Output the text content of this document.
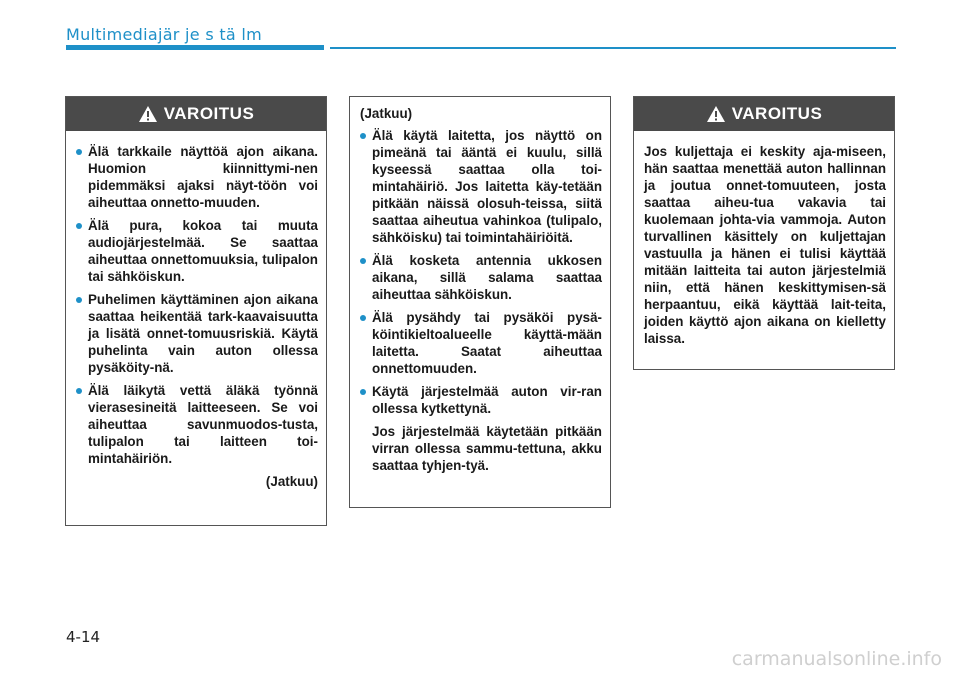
Multimediajär je s tä lm
VAROITUS
Älä tarkkaile näyttöä ajon aikana. Huomion kiinnittymi-nen pidemmäksi ajaksi näyt-töön voi aiheuttaa onnetto-muuden.
Älä pura, kokoa tai muuta audiojärjestelmää. Se saattaa aiheuttaa onnettomuuksia, tulipalon tai sähköiskun.
Puhelimen käyttäminen ajon aikana saattaa heikentää tark-kaavaisuutta ja lisätä onnet-tomuusriskiä. Käytä puhelinta vain auton ollessa pysäköity-nä.
Älä läikytä vettä äläkä työnnä vierasesineitä laitteeseen. Se voi aiheuttaa savunmuodos-tusta, tulipalon tai laitteen toi-mintahäiriön.
(Jatkuu)
(Jatkuu)
Älä käytä laitetta, jos näyttö on pimeänä tai ääntä ei kuulu, sillä kyseessä saattaa olla toi-mintahäiriö. Jos laitetta käy-tetään pitkään näissä olosuh-teissa, siitä saattaa aiheutua vahinkoa (tulipalo, sähköisku) tai toimintahäiriöitä.
Älä kosketa antennia ukkosen aikana, sillä salama saattaa aiheuttaa sähköiskun.
Älä pysähdy tai pysäköi pysä-köintikieltoalueelle käyttä-mään laitetta. Saatat aiheuttaa onnettomuuden.
Käytä järjestelmää auton vir-ran ollessa kytkettynä.

Jos järjestelmää käytetään pitkään virran ollessa sammu-tettuna, akku saattaa tyhjen-tyä.

VAROITUS

Jos kuljettaja ei keskity aja-miseen, hän saattaa menettää auton hallinnan ja joutua onnet-tomuuteen, josta saattaa aiheu-tua vakavia tai kuolemaan johta-via vammoja. Auton turvallinen käsittely on kuljettajan vastuulla ja hänen ei tulisi käyttää mitään laitteita tai auton järjestelmiä niin, että hänen keskittymisen-sä herpaantuu, eikä käyttää lait-teita, joiden käyttö ajon aikana on kielletty laissa.

4-14
carmanualsonline.info
